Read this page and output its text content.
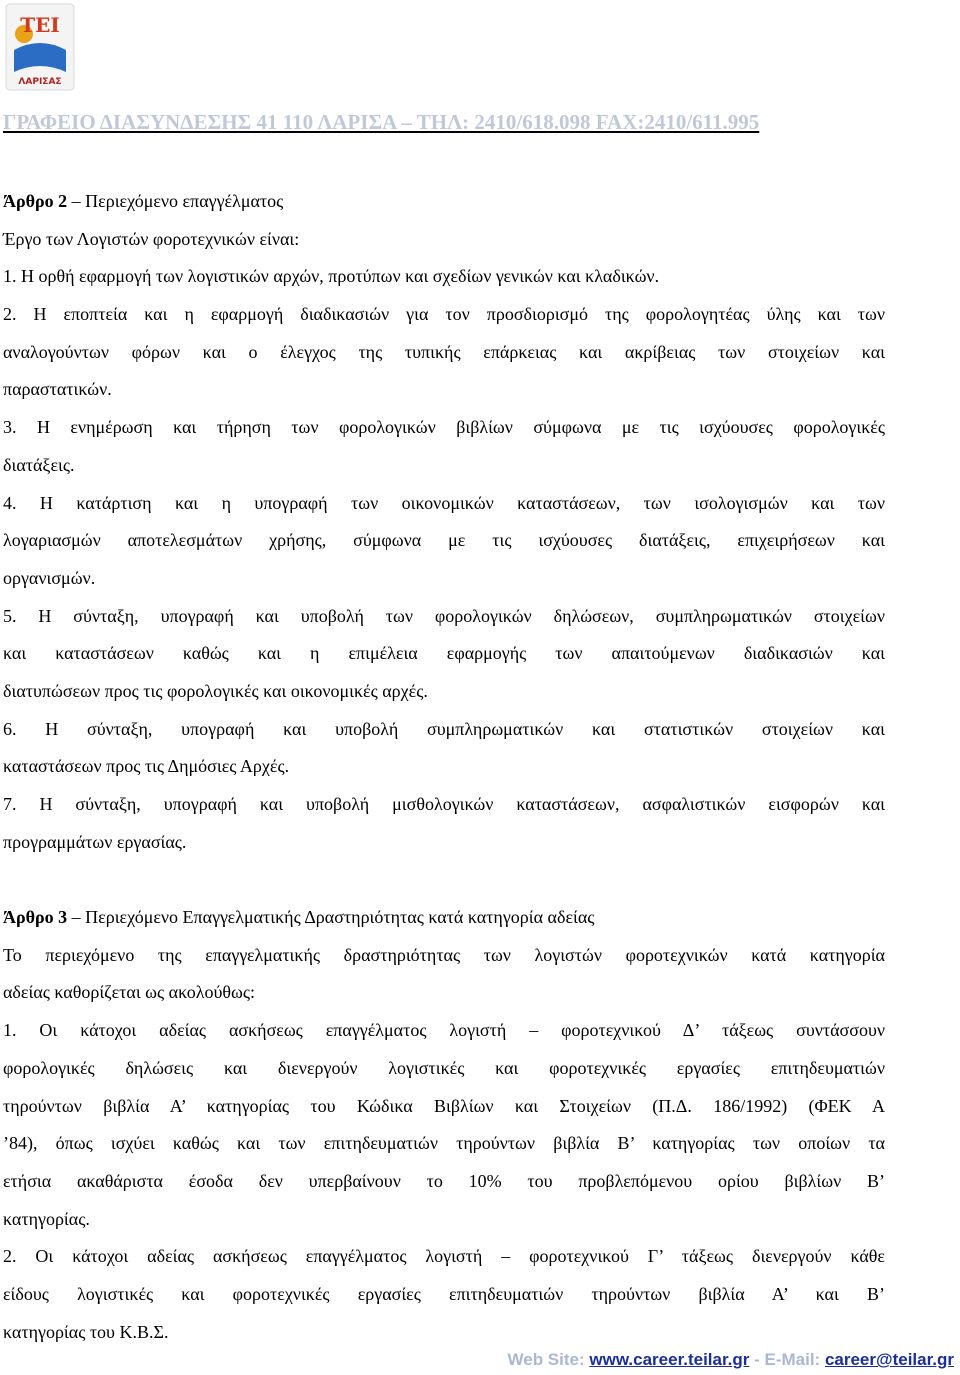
ΤΕΙ
ΛΑΡΙΣΑΣ
ΓΡΑΦΕΙΟ ΔΙΑΣΥΝΔΕΣΗΣ 41 110 ΛΑΡΙΣΑ – ΤΗΛ: 2410/618.098 FAX:2410/611.995
Άρθρο 2 – Περιεχόμενο επαγγέλματος
Έργο των Λογιστών φοροτεχνικών είναι:
1. Η ορθή εφαρμογή των λογιστικών αρχών, προτύπων και σχεδίων γενικών και κλαδικών.
2. Η εποπτεία και η εφαρμογή διαδικασιών για τον προσδιορισμό της φορολογητέας ύλης και των
αναλογούντων φόρων και ο έλεγχος της τυπικής επάρκειας και ακρίβειας των στοιχείων και
παραστατικών.
3. Η ενημέρωση και τήρηση των φορολογικών βιβλίων σύμφωνα με τις ισχύουσες φορολογικές
διατάξεις.
4. Η κατάρτιση και η υπογραφή των οικονομικών καταστάσεων, των ισολογισμών και των
λογαριασμών αποτελεσμάτων χρήσης, σύμφωνα με τις ισχύουσες διατάξεις, επιχειρήσεων και
οργανισμών.
5. Η σύνταξη, υπογραφή και υποβολή των φορολογικών δηλώσεων, συμπληρωματικών στοιχείων
και καταστάσεων καθώς και η επιμέλεια εφαρμογής των απαιτούμενων διαδικασιών και
διατυπώσεων προς τις φορολογικές και οικονομικές αρχές.
6. Η σύνταξη, υπογραφή και υποβολή συμπληρωματικών και στατιστικών στοιχείων και
καταστάσεων προς τις Δημόσιες Αρχές.
7. Η σύνταξη, υπογραφή και υποβολή μισθολογικών καταστάσεων, ασφαλιστικών εισφορών και
προγραμμάτων εργασίας.
Άρθρο 3 – Περιεχόμενο Επαγγελματικής Δραστηριότητας κατά κατηγορία αδείας
Το περιεχόμενο της επαγγελματικής δραστηριότητας των λογιστών φοροτεχνικών κατά κατηγορία
αδείας καθορίζεται ως ακολούθως:
1. Οι κάτοχοι αδείας ασκήσεως επαγγέλματος λογιστή – φοροτεχνικού Δ’ τάξεως συντάσσουν
φορολογικές δηλώσεις και διενεργούν λογιστικές και φοροτεχνικές εργασίες επιτηδευματιών
τηρούντων βιβλία Α’ κατηγορίας του Κώδικα Βιβλίων και Στοιχείων (Π.Δ. 186/1992) (ΦΕΚ Α
’84), όπως ισχύει καθώς και των επιτηδευματιών τηρούντων βιβλία Β’ κατηγορίας των οποίων τα
ετήσια ακαθάριστα έσοδα δεν υπερβαίνουν το 10% του προβλεπόμενου ορίου βιβλίων Β’
κατηγορίας.
2. Οι κάτοχοι αδείας ασκήσεως επαγγέλματος λογιστή – φοροτεχνικού Γ’ τάξεως διενεργούν κάθε
είδους λογιστικές και φοροτεχνικές εργασίες επιτηδευματιών τηρούντων βιβλία Α’ και Β’
κατηγορίας του Κ.Β.Σ.
Web Site: www.career.teilar.gr - E-Mail: career@teilar.gr
